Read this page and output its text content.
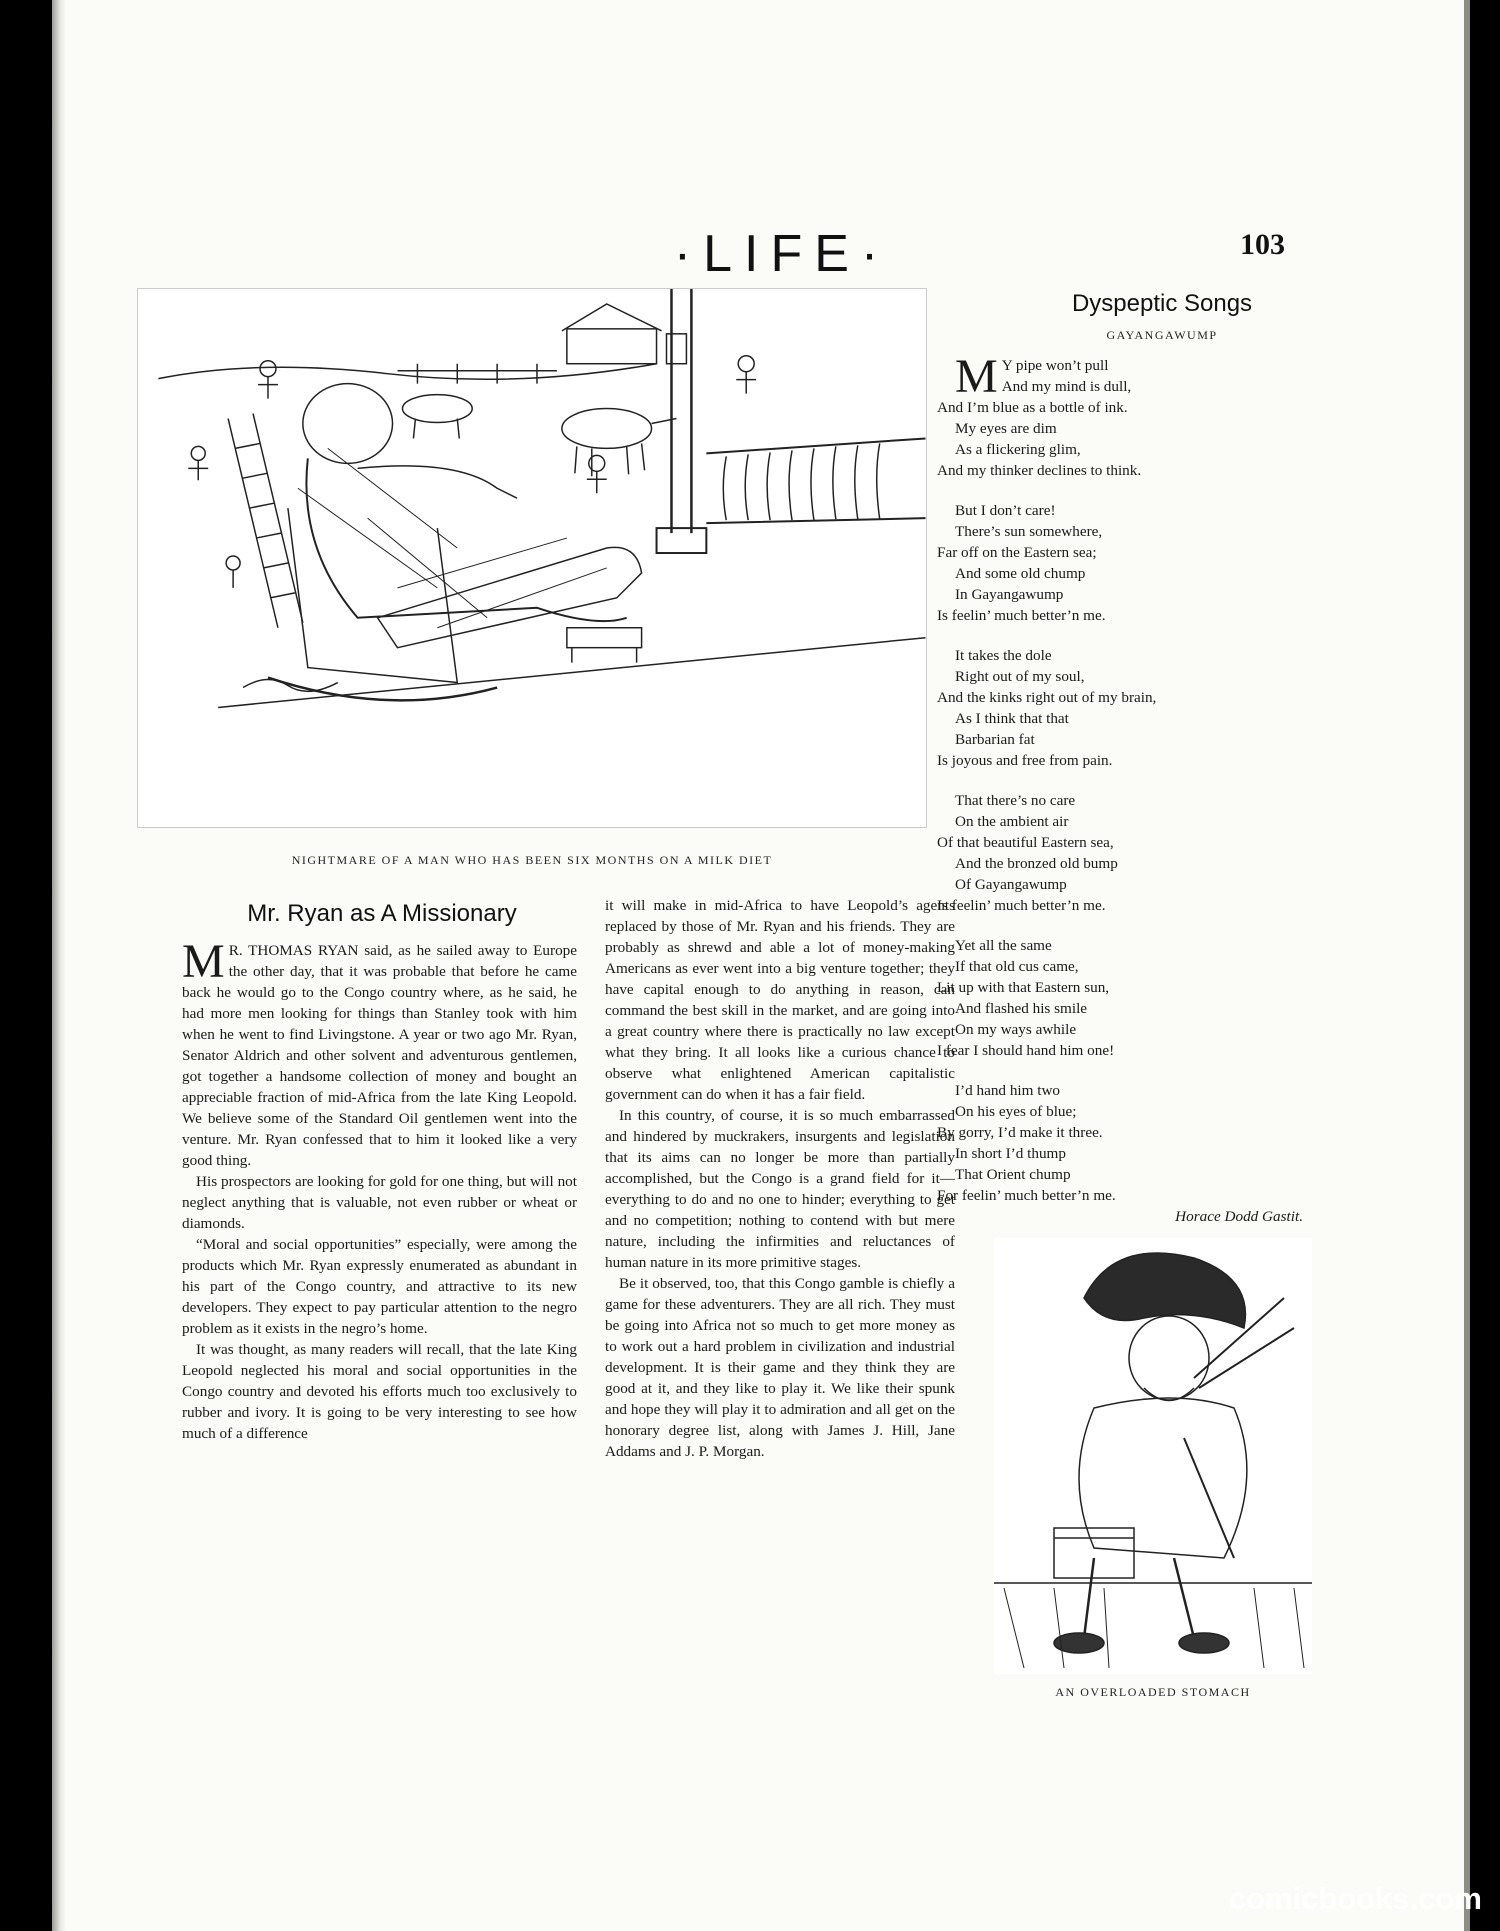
·LIFE·	103
NIGHTMARE OF A MAN WHO HAS BEEN SIX MONTHS ON A MILK DIET
Mr. Ryan as A Missionary

M R. THOMAS RYAN said, as he sailed away to Europe the other day, that it was probable that before he came back he would go to the Congo country where, as he said, he had more men looking for things than Stanley took with him when he went to find Livingstone. A year or two ago Mr. Ryan, Senator Aldrich and other solvent and adventurous gentlemen, got together a handsome collection of money and bought an appreciable fraction of mid-Africa from the late King Leopold. We believe some of the Standard Oil gentlemen went into the venture. Mr. Ryan confessed that to him it looked like a very good thing.

His prospectors are looking for gold for one thing, but will not neglect anything that is valuable, not even rubber or wheat or diamonds.

“Moral and social opportunities” especially, were among the products which Mr. Ryan expressly enumerated as abundant in his part of the Congo country, and attractive to its new developers. They expect to pay particular attention to the negro problem as it exists in the negro’s home.

It was thought, as many readers will recall, that the late King Leopold neglected his moral and social opportunities in the Congo country and devoted his efforts much too exclusively to rubber and ivory. It is going to be very interesting to see how much of a difference

it will make in mid-Africa to have Leopold’s agents replaced by those of Mr. Ryan and his friends. They are probably as shrewd and able a lot of money-making Americans as ever went into a big venture together; they have capital enough to do anything in reason, can command the best skill in the market, and are going into a great country where there is practically no law except what they bring. It all looks like a curious chance to observe what enlightened American capitalistic government can do when it has a fair field.

In this country, of course, it is so much embarrassed and hindered by muckrakers, insurgents and legislation that its aims can no longer be more than partially accomplished, but the Congo is a grand field for it—everything to do and no one to hinder; everything to get and no competition; nothing to contend with but mere nature, including the infirmities and reluctances of human nature in its more primitive stages.

Be it observed, too, that this Congo gamble is chiefly a game for these adventurers. They are all rich. They must be going into Africa not so much to get more money as to work out a hard problem in civilization and industrial development. It is their game and they think they are good at it, and they like to play it. We like their spunk and hope they will play it to admiration and all get on the honorary degree list, along with James J. Hill, Jane Addams and J. P. Morgan.

Dyspeptic Songs
GAYANGAWUMP
M Y pipe won’t pull
And my mind is dull,
And I’m blue as a bottle of ink.
My eyes are dim
As a flickering glim,
And my thinker declines to think.
But I don’t care!
There’s sun somewhere,
Far off on the Eastern sea;
And some old chump
In Gayangawump
Is feelin’ much better’n me.
It takes the dole
Right out of my soul,
And the kinks right out of my brain,
As I think that that
Barbarian fat
Is joyous and free from pain.
That there’s no care
On the ambient air
Of that beautiful Eastern sea,
And the bronzed old bump
Of Gayangawump
Is feelin’ much better’n me.
Yet all the same
If that old cus came,
Lit up with that Eastern sun,
And flashed his smile
On my ways awhile
I fear I should hand him one!
I’d hand him two
On his eyes of blue;
By gorry, I’d make it three.
In short I’d thump
That Orient chump
For feelin’ much better’n me.
Horace Dodd Gastit.
AN OVERLOADED STOMACH
comicbooks.com
